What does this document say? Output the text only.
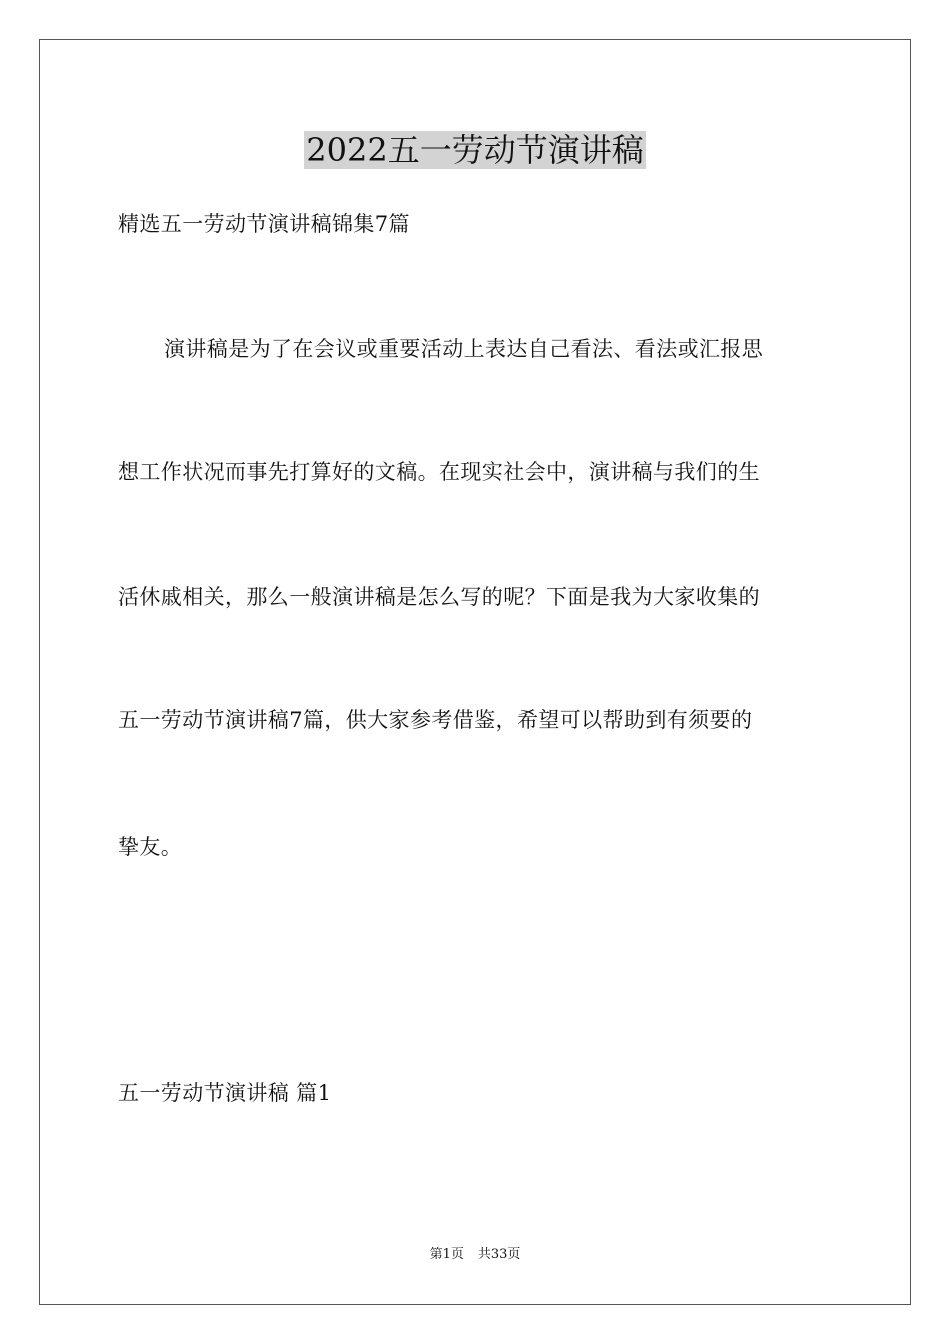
2022五一劳动节演讲稿
精选五一劳动节演讲稿锦集7篇
演讲稿是为了在会议或重要活动上表达自己看法、看法或汇报思
想工作状况而事先打算好的文稿。在现实社会中，演讲稿与我们的生
活休戚相关，那么一般演讲稿是怎么写的呢？下面是我为大家收集的
五一劳动节演讲稿7篇，供大家参考借鉴，希望可以帮助到有须要的
挚友。
五一劳动节演讲稿 篇1
第1页 共33页
